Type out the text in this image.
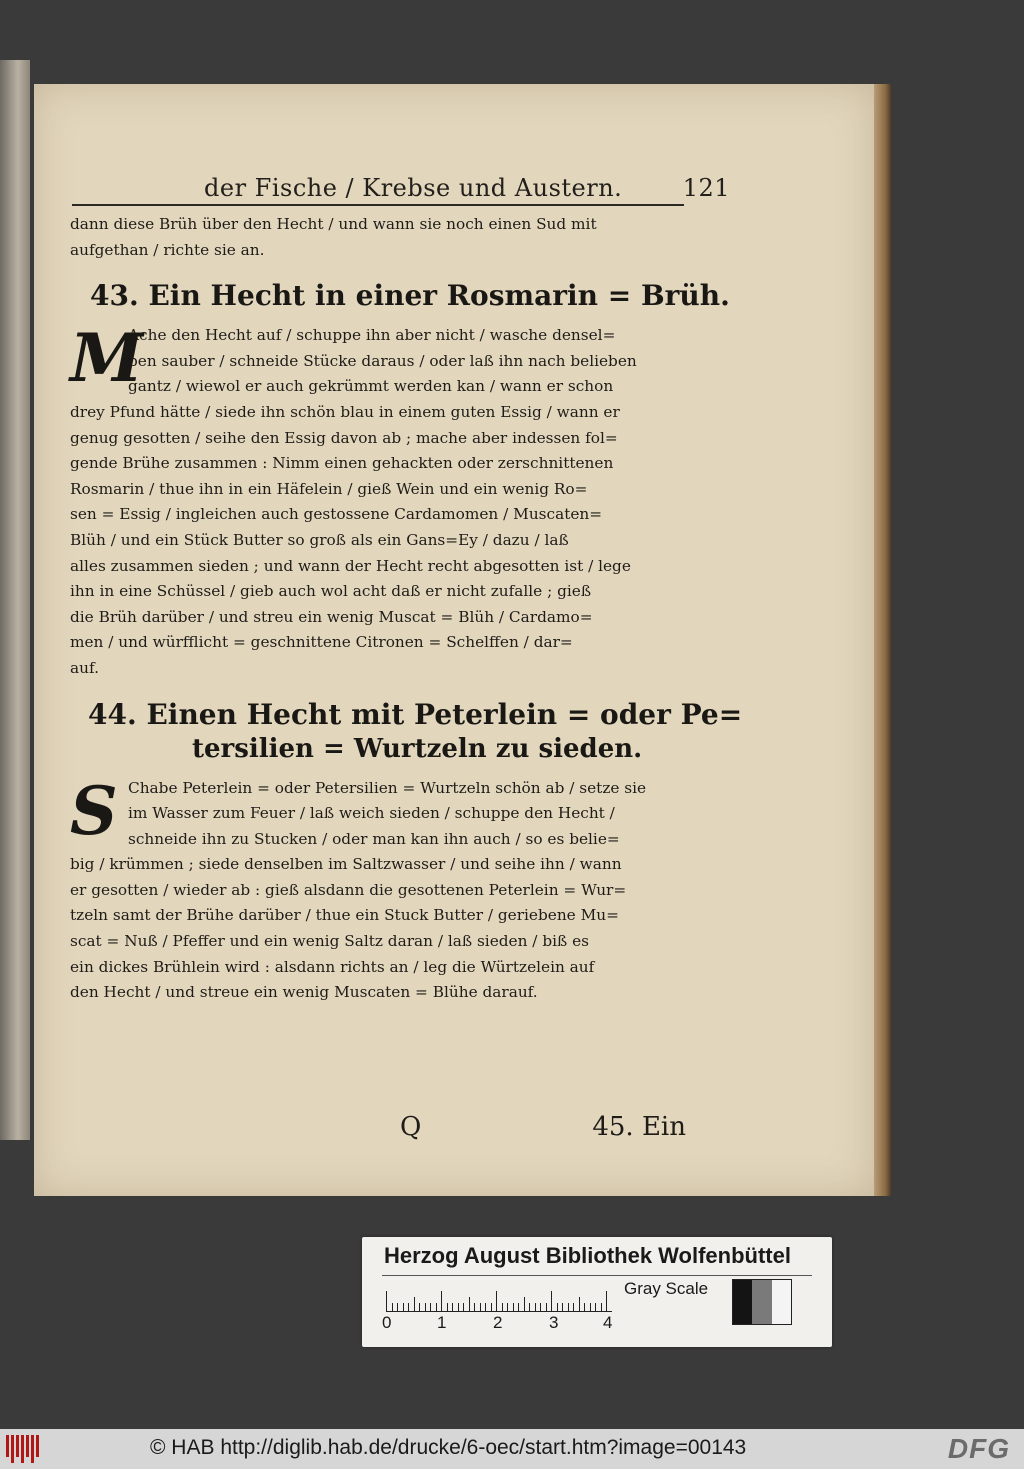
der Fische / Krebse und Austern.	121
dann diese Brüh über den Hecht / und wann sie noch einen Sud mit
aufgethan / richte sie an.
43. Ein Hecht in einer Rosmarin = Brüh.
M
Ache den Hecht auf / schuppe ihn aber nicht / wasche densel=
ben sauber / schneide Stücke daraus / oder laß ihn nach belieben
gantz / wiewol er auch gekrümmt werden kan / wann er schon
drey Pfund hätte / siede ihn schön blau in einem guten Essig / wann er
genug gesotten / seihe den Essig davon ab ; mache aber indessen fol=
gende Brühe zusammen : Nimm einen gehackten oder zerschnittenen
Rosmarin / thue ihn in ein Häfelein / gieß Wein und ein wenig Ro=
sen = Essig / ingleichen auch gestossene Cardamomen / Muscaten=
Blüh / und ein Stück Butter so groß als ein Gans=Ey / dazu / laß
alles zusammen sieden ; und wann der Hecht recht abgesotten ist / lege
ihn in eine Schüssel / gieb auch wol acht daß er nicht zufalle ; gieß
die Brüh darüber / und streu ein wenig Muscat = Blüh / Cardamo=
men / und würfflicht = geschnittene Citronen = Schelffen / dar=
auf.
44. Einen Hecht mit Peterlein = oder Pe=
tersilien = Wurtzeln zu sieden.
S Chabe Peterlein = oder Petersilien = Wurtzeln schön ab / setze sie
im Wasser zum Feuer / laß weich sieden / schuppe den Hecht /
schneide ihn zu Stucken / oder man kan ihn auch / so es belie=
big / krümmen ; siede denselben im Saltzwasser / und seihe ihn / wann
er gesotten / wieder ab : gieß alsdann die gesottenen Peterlein = Wur=
tzeln samt der Brühe darüber / thue ein Stuck Butter / geriebene Mu=
scat = Nuß / Pfeffer und ein wenig Saltz daran / laß sieden / biß es
ein dickes Brühlein wird : alsdann richts an / leg die Würtzelein auf
den Hecht / und streue ein wenig Muscaten = Blühe darauf.
Q	45. Ein
Herzog August Bibliothek Wolfenbüttel
0	1	2	3	4
Gray Scale
© HAB http://diglib.hab.de/drucke/6-oec/start.htm?image=00143	DFG
